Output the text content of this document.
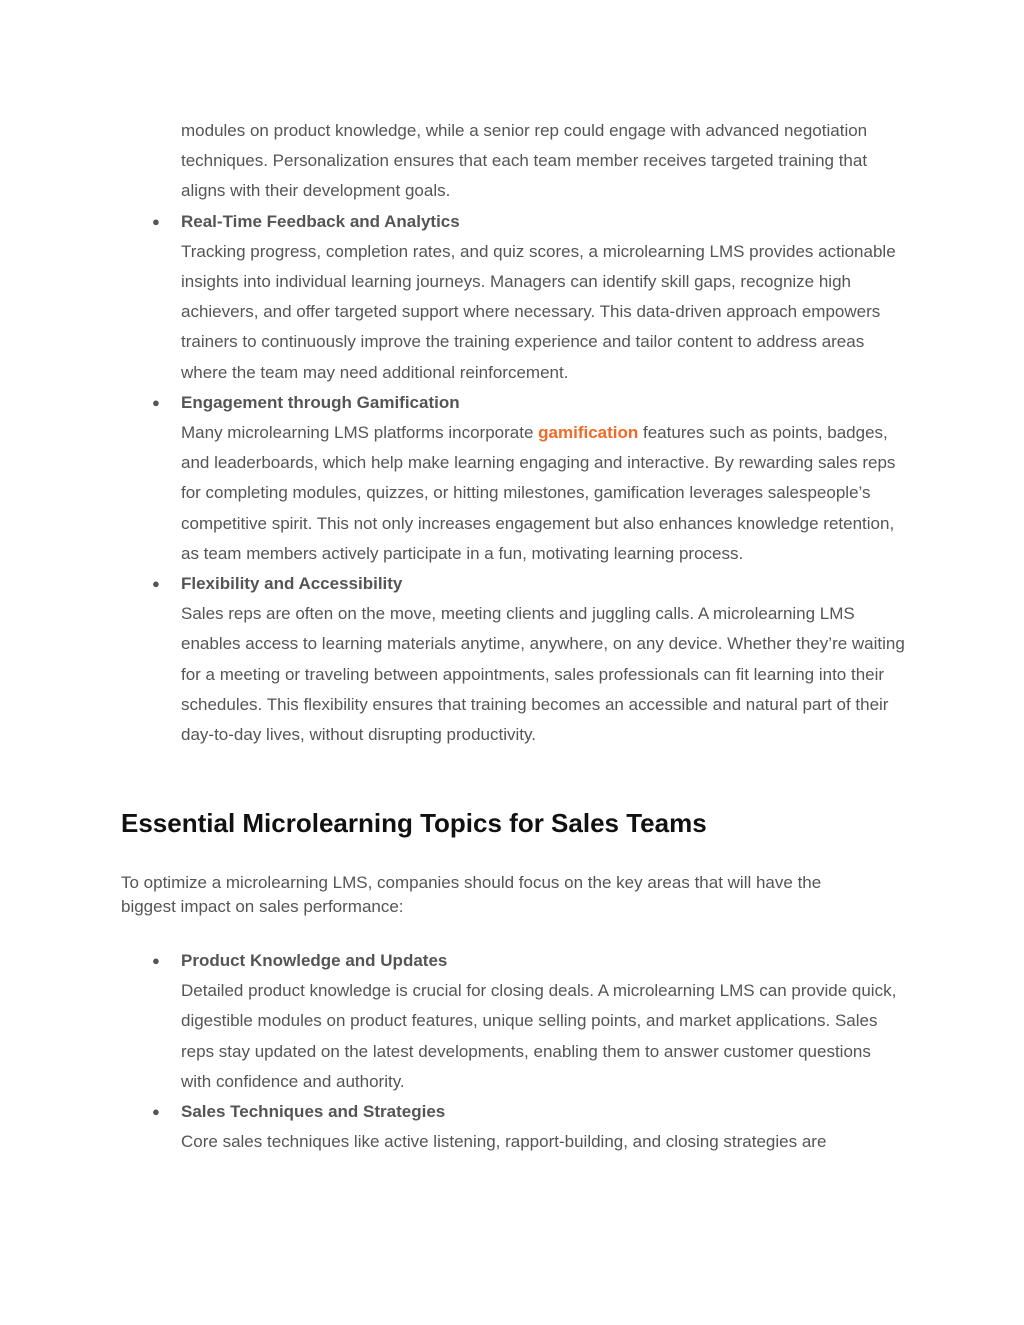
modules on product knowledge, while a senior rep could engage with advanced negotiation techniques. Personalization ensures that each team member receives targeted training that aligns with their development goals.
●	Real-Time Feedback and Analytics
Tracking progress, completion rates, and quiz scores, a microlearning LMS provides actionable insights into individual learning journeys. Managers can identify skill gaps, recognize high achievers, and offer targeted support where necessary. This data-driven approach empowers trainers to continuously improve the training experience and tailor content to address areas where the team may need additional reinforcement.
●	Engagement through Gamification
Many microlearning LMS platforms incorporate gamification features such as points, badges, and leaderboards, which help make learning engaging and interactive. By rewarding sales reps for completing modules, quizzes, or hitting milestones, gamification leverages salespeople’s competitive spirit. This not only increases engagement but also enhances knowledge retention, as team members actively participate in a fun, motivating learning process.
●	Flexibility and Accessibility
Sales reps are often on the move, meeting clients and juggling calls. A microlearning LMS enables access to learning materials anytime, anywhere, on any device. Whether they’re waiting for a meeting or traveling between appointments, sales professionals can fit learning into their schedules. This flexibility ensures that training becomes an accessible and natural part of their day-to-day lives, without disrupting productivity.
Essential Microlearning Topics for Sales Teams

To optimize a microlearning LMS, companies should focus on the key areas that will have the biggest impact on sales performance:

●	Product Knowledge and Updates
Detailed product knowledge is crucial for closing deals. A microlearning LMS can provide quick, digestible modules on product features, unique selling points, and market applications. Sales reps stay updated on the latest developments, enabling them to answer customer questions with confidence and authority.
●	Sales Techniques and Strategies
Core sales techniques like active listening, rapport-building, and closing strategies are
